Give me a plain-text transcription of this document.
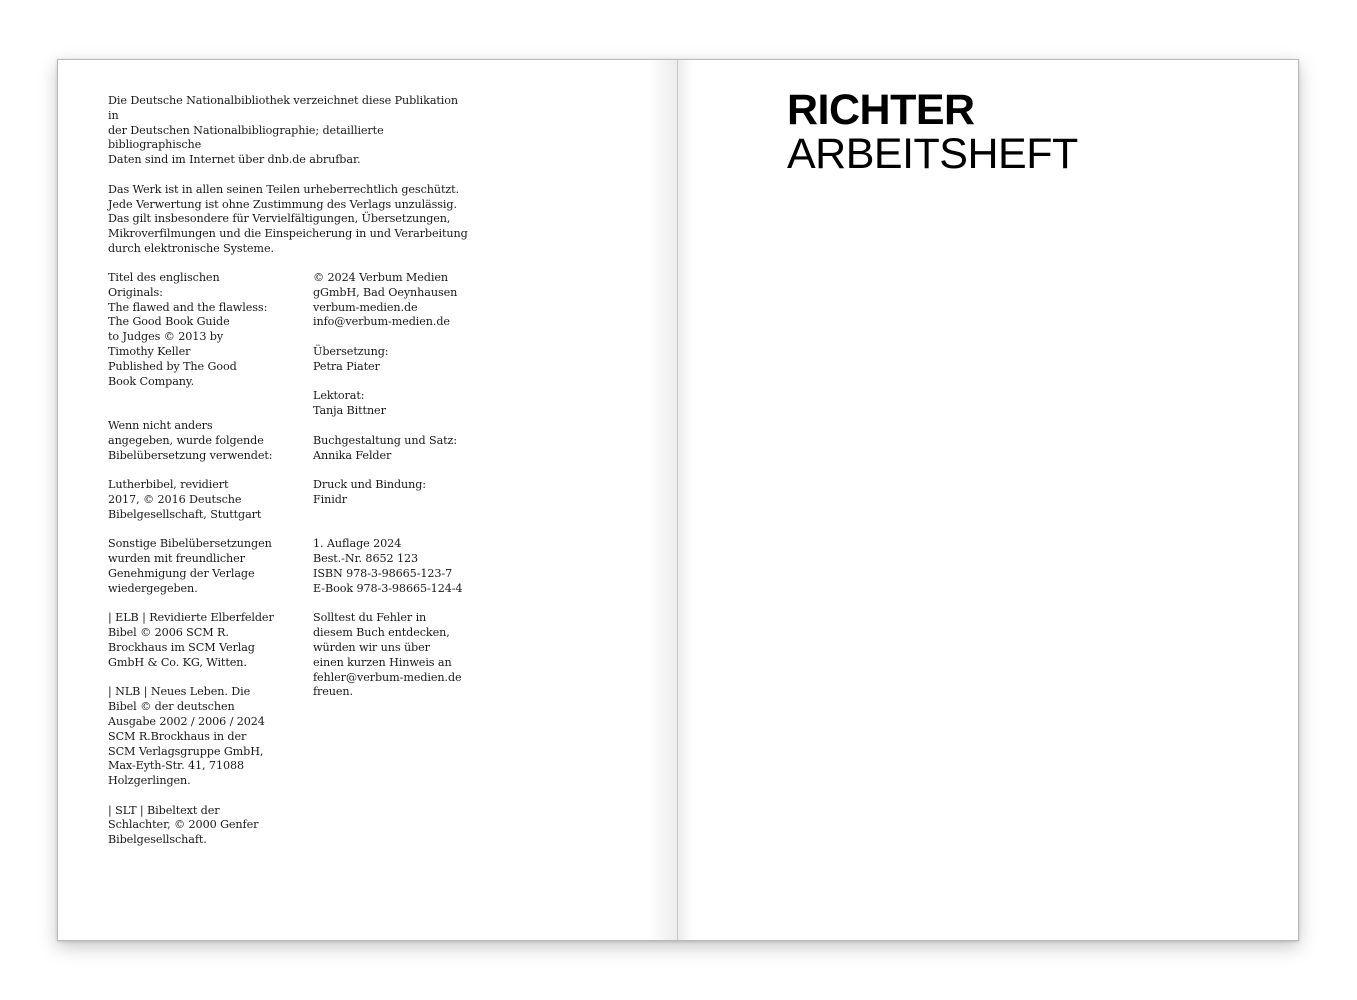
Die Deutsche Nationalbibliothek verzeichnet diese Publikation in
der Deutschen Nationalbibliographie; detaillierte bibliographische
Daten sind im Internet über dnb.de abrufbar.

Das Werk ist in allen seinen Teilen urheberrechtlich geschützt.
Jede Verwertung ist ohne Zustimmung des Verlags unzulässig.
Das gilt insbesondere für Vervielfältigungen, Übersetzungen,
Mikroverfilmungen und die Einspeicherung in und Verarbeitung
durch elektronische Systeme.

Titel des englischen
Originals:
The flawed and the flawless:
The Good Book Guide
to Judges © 2013 by
Timothy Keller
Published by The Good
Book Company.

Wenn nicht anders
angegeben, wurde folgende
Bibelübersetzung verwendet:

Lutherbibel, revidiert
2017, © 2016 Deutsche
Bibelgesellschaft, Stuttgart

Sonstige Bibelübersetzungen
wurden mit freundlicher
Genehmigung der Verlage
wiedergegeben.

| ELB | Revidierte Elberfelder
Bibel © 2006 SCM R.
Brockhaus im SCM Verlag
GmbH & Co. KG, Witten.

| NLB | Neues Leben. Die
Bibel © der deutschen
Ausgabe 2002 / 2006 / 2024
SCM R.Brockhaus in der
SCM Verlagsgruppe GmbH,
Max-Eyth-Str. 41, 71088
Holzgerlingen.

| SLT | Bibeltext der
Schlachter, © 2000 Genfer
Bibelgesellschaft.

© 2024 Verbum Medien
gGmbH, Bad Oeynhausen
verbum-medien.de
info@verbum-medien.de

Übersetzung:
Petra Piater

Lektorat:
Tanja Bittner

Buchgestaltung und Satz:
Annika Felder

Druck und Bindung:
Finidr

1. Auflage 2024
Best.-Nr. 8652 123
ISBN 978-3-98665-123-7
E-Book 978-3-98665-124-4

Solltest du Fehler in
diesem Buch entdecken,
würden wir uns über
einen kurzen Hinweis an
fehler@verbum-medien.de
freuen.

RICHTER
ARBEITSHEFT
